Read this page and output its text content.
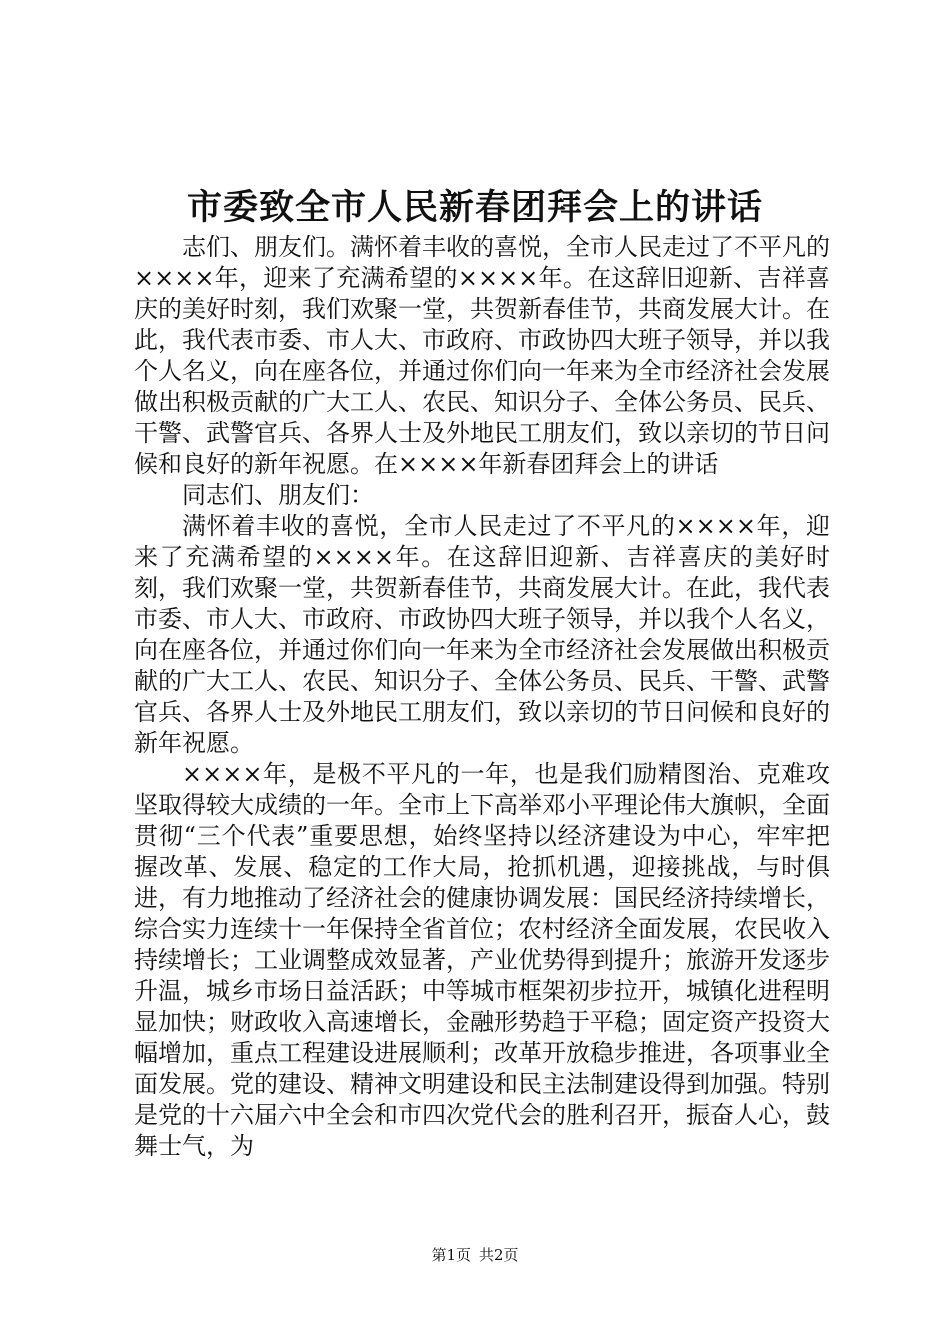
市委致全市人民新春团拜会上的讲话

志们、朋友们。满怀着丰收的喜悦，全市人民走过了不平凡的××××年，迎来了充满希望的××××年。在这辞旧迎新、吉祥喜庆的美好时刻，我们欢聚一堂，共贺新春佳节，共商发展大计。在此，我代表市委、市人大、市政府、市政协四大班子领导，并以我个人名义，向在座各位，并通过你们向一年来为全市经济社会发展做出积极贡献的广大工人、农民、知识分子、全体公务员、民兵、干警、武警官兵、各界人士及外地民工朋友们，致以亲切的节日问候和良好的新年祝愿。在××××年新春团拜会上的讲话

同志们、朋友们：

满怀着丰收的喜悦，全市人民走过了不平凡的××××年，迎来了充满希望的××××年。在这辞旧迎新、吉祥喜庆的美好时刻，我们欢聚一堂，共贺新春佳节，共商发展大计。在此，我代表市委、市人大、市政府、市政协四大班子领导，并以我个人名义，向在座各位，并通过你们向一年来为全市经济社会发展做出积极贡献的广大工人、农民、知识分子、全体公务员、民兵、干警、武警官兵、各界人士及外地民工朋友们，致以亲切的节日问候和良好的新年祝愿。

××××年，是极不平凡的一年，也是我们励精图治、克难攻坚取得较大成绩的一年。全市上下高举邓小平理论伟大旗帜，全面贯彻“三个代表”重要思想，始终坚持以经济建设为中心，牢牢把握改革、发展、稳定的工作大局，抢抓机遇，迎接挑战，与时俱进，有力地推动了经济社会的健康协调发展：国民经济持续增长，综合实力连续十一年保持全省首位；农村经济全面发展，农民收入持续增长；工业调整成效显著，产业优势得到提升；旅游开发逐步升温，城乡市场日益活跃；中等城市框架初步拉开，城镇化进程明显加快；财政收入高速增长，金融形势趋于平稳；固定资产投资大幅增加，重点工程建设进展顺利；改革开放稳步推进，各项事业全面发展。党的建设、精神文明建设和民主法制建设得到加强。特别是党的十六届六中全会和市四次党代会的胜利召开，振奋人心，鼓舞士气，为

第1页 共2页
